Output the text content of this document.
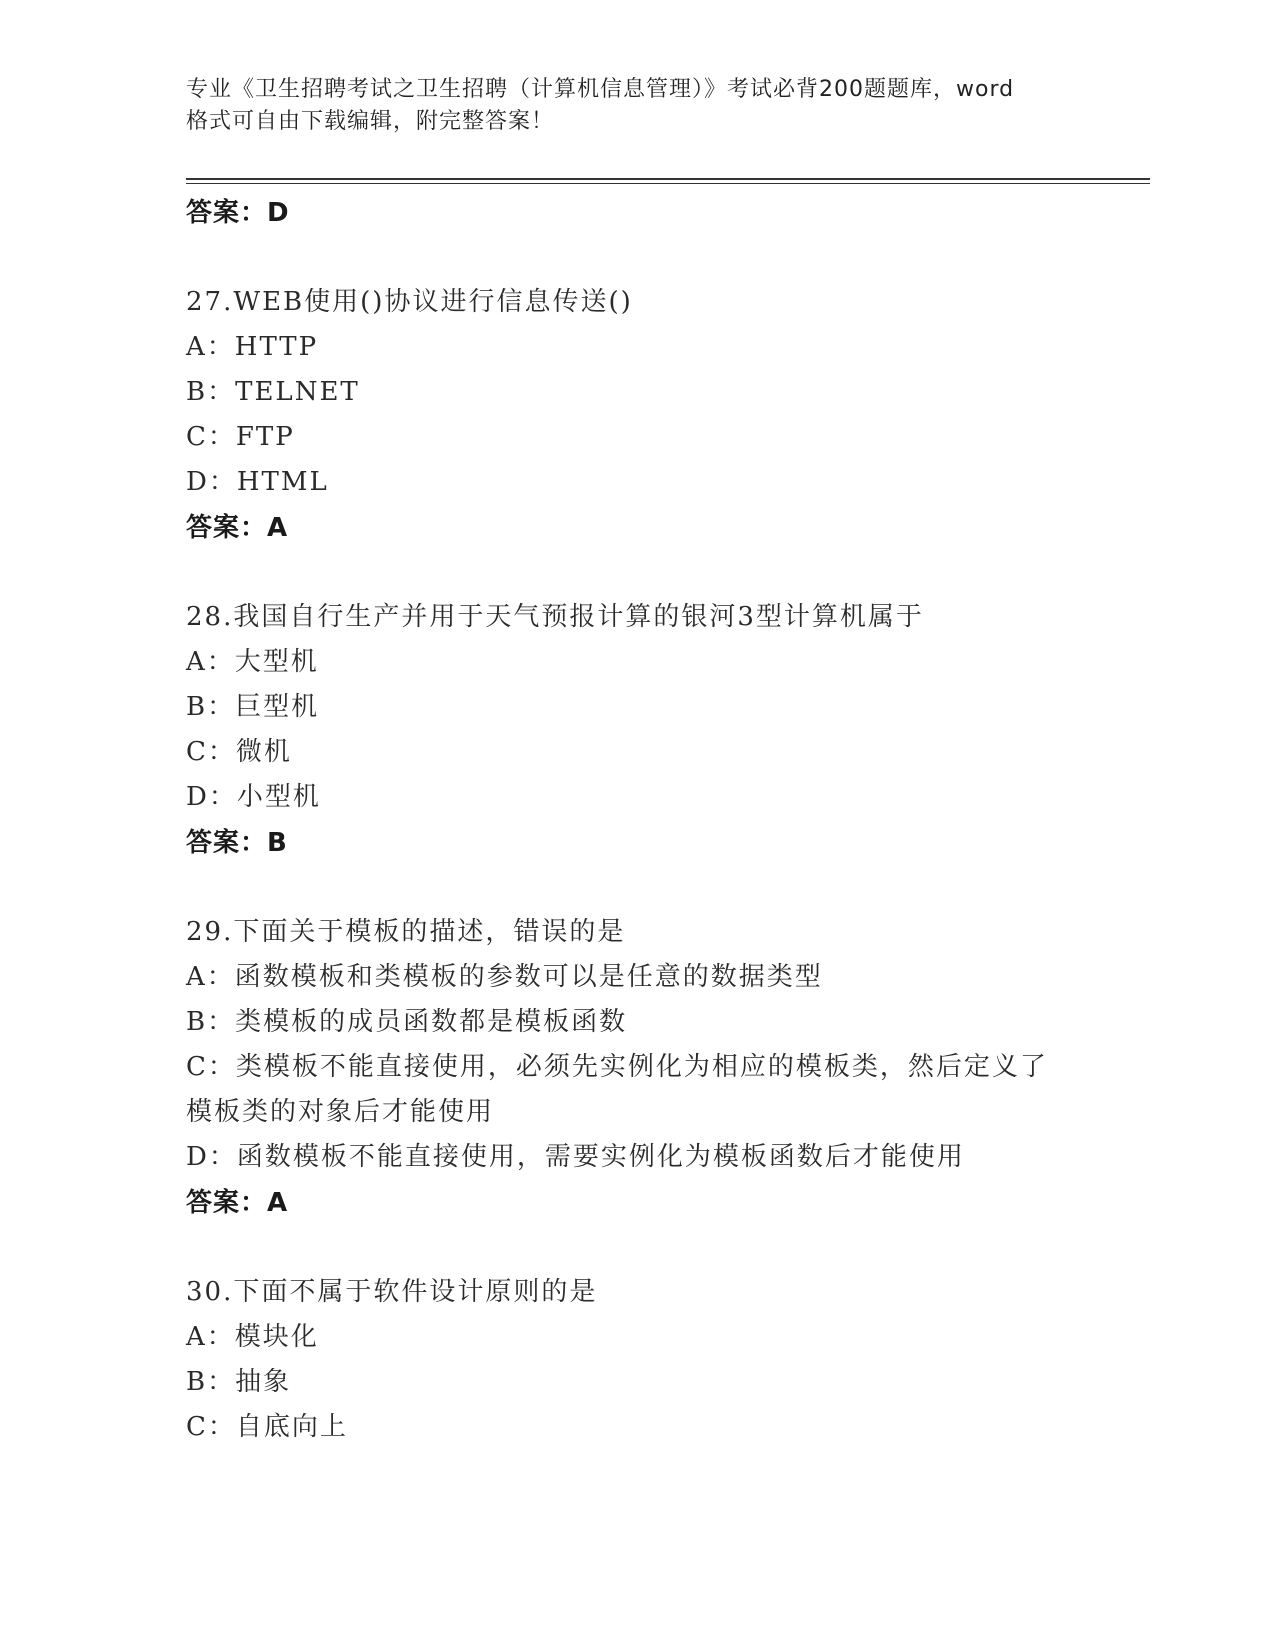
专业《卫生招聘考试之卫生招聘（计算机信息管理）》考试必背200题题库，word
格式可自由下载编辑，附完整答案！
答案：D
27.WEB使用()协议进行信息传送()
A：HTTP
B：TELNET
C：FTP
D：HTML
答案：A
28.我国自行生产并用于天气预报计算的银河3型计算机属于
A：大型机
B：巨型机
C：微机
D：小型机
答案：B
29.下面关于模板的描述，错误的是
A：函数模板和类模板的参数可以是任意的数据类型
B：类模板的成员函数都是模板函数
C：类模板不能直接使用，必须先实例化为相应的模板类，然后定义了
模板类的对象后才能使用
D：函数模板不能直接使用，需要实例化为模板函数后才能使用
答案：A
30.下面不属于软件设计原则的是
A：模块化
B：抽象
C：自底向上
